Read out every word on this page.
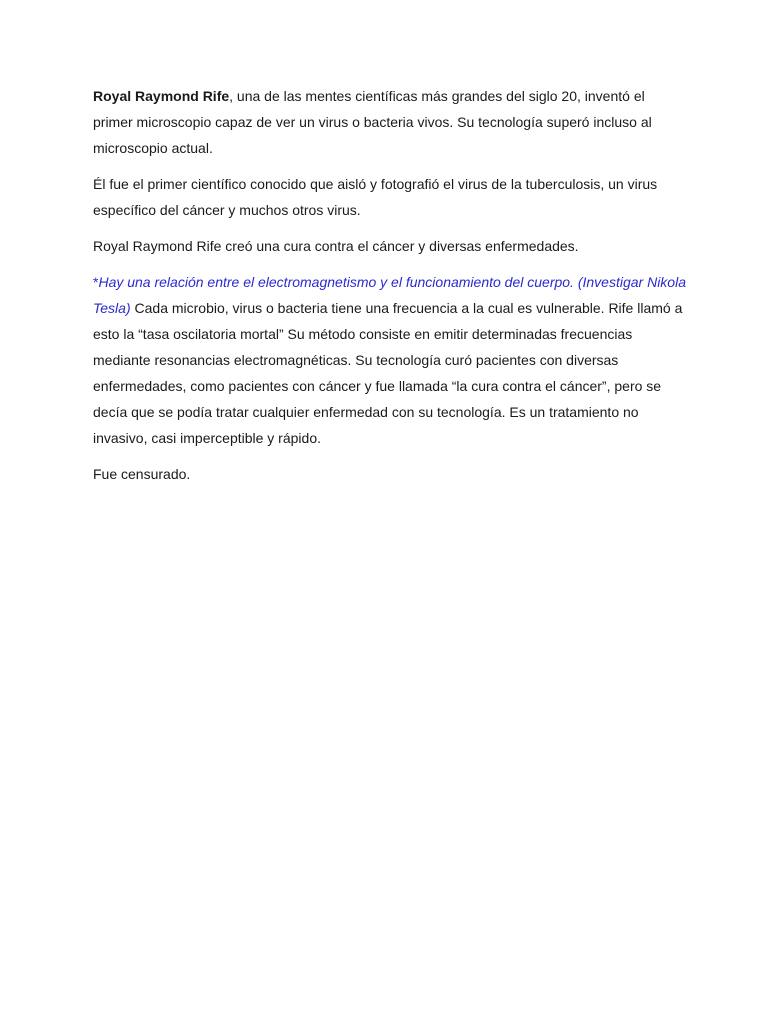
Royal Raymond Rife, una de las mentes científicas más grandes del siglo 20, inventó el primer microscopio capaz de ver un virus o bacteria vivos. Su tecnología superó incluso al microscopio actual.

Él fue el primer científico conocido que aisló y fotografió el virus de la tuberculosis, un virus específico del cáncer y muchos otros virus.

Royal Raymond Rife creó una cura contra el cáncer y diversas enfermedades.

*Hay una relación entre el electromagnetismo y el funcionamiento del cuerpo. (Investigar Nikola Tesla) Cada microbio, virus o bacteria tiene una frecuencia a la cual es vulnerable. Rife llamó a esto la “tasa oscilatoria mortal” Su método consiste en emitir determinadas frecuencias mediante resonancias electromagnéticas. Su tecnología curó pacientes con diversas enfermedades, como pacientes con cáncer y fue llamada “la cura contra el cáncer”, pero se decía que se podía tratar cualquier enfermedad con su tecnología. Es un tratamiento no invasivo, casi imperceptible y rápido.

Fue censurado.
